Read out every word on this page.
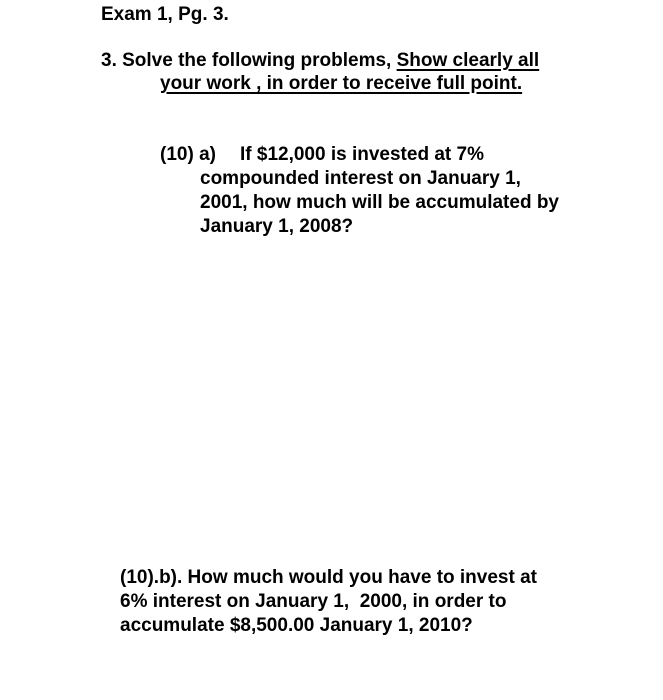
Exam 1, Pg. 3.
3. Solve the following problems, Show clearly all
your work , in order to receive full point.
(10) a) If $12,000 is invested at 7%
compounded interest on January 1,
2001, how much will be accumulated by
January 1, 2008?
(10).b). How much would you have to invest at
6% interest on January 1,  2000, in order to
accumulate $8,500.00 January 1, 2010?
